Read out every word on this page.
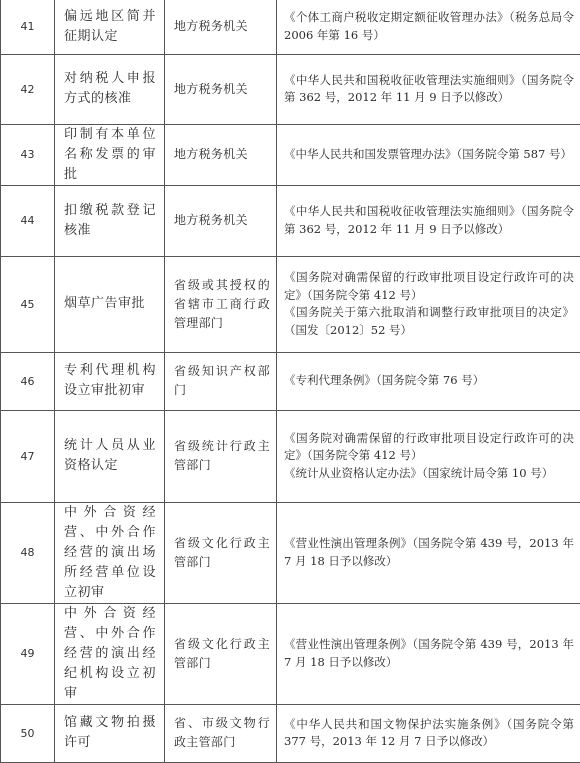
41	偏远地区简并征期认定	地方税务机关	《个体工商户税收定期定额征收管理办法》（税务总局令 2006 年第 16 号）

42	对纳税人申报方式的核准	地方税务机关	《中华人民共和国税收征收管理法实施细则》（国务院令第 362 号，2012 年 11 月 9 日予以修改）

43	印制有本单位名称发票的审批	地方税务机关	《中华人民共和国发票管理办法》（国务院令第 587 号）

44	扣缴税款登记核准	地方税务机关	《中华人民共和国税收征收管理法实施细则》（国务院令第 362 号，2012 年 11 月 9 日予以修改）

45	烟草广告审批	省级或其授权的省辖市工商行政管理部门	《国务院对确需保留的行政审批项目设定行政许可的决定》（国务院令第 412 号）
《国务院关于第六批取消和调整行政审批项目的决定》（国发〔2012〕52 号）

46	专利代理机构设立审批初审	省级知识产权部门	《专利代理条例》（国务院令第 76 号）

47	统计人员从业资格认定	省级统计行政主管部门	《国务院对确需保留的行政审批项目设定行政许可的决定》（国务院令第 412 号）
《统计从业资格认定办法》（国家统计局令第 10 号）

48	中外合资经营、中外合作经营的演出场所经营单位设立初审	省级文化行政主管部门	《营业性演出管理条例》（国务院令第 439 号，2013 年 7 月 18 日予以修改）

49	中外合资经营、中外合作经营的演出经纪机构设立初审	省级文化行政主管部门	《营业性演出管理条例》（国务院令第 439 号，2013 年 7 月 18 日予以修改）

50	馆藏文物拍摄许可	省、市级文物行政主管部门	《中华人民共和国文物保护法实施条例》（国务院令第 377 号，2013 年 12 月 7 日予以修改）
